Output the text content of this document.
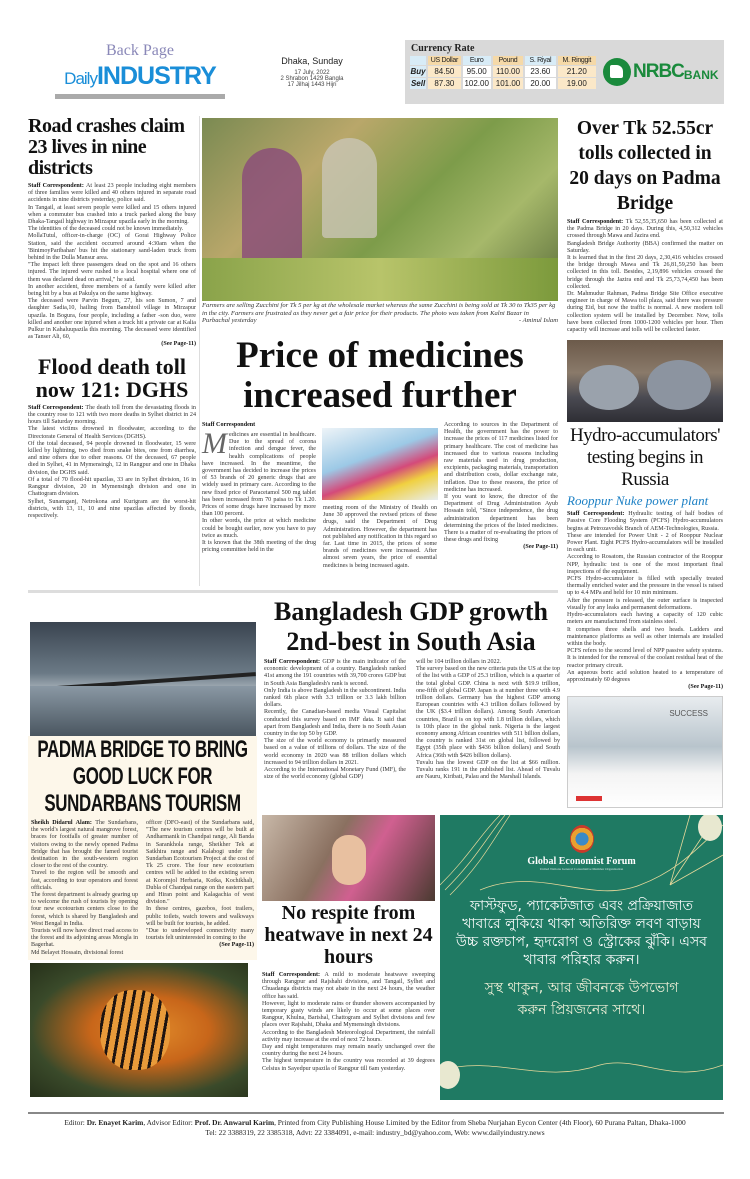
Back Page
DailyINDUSTRY
Dhaka, Sunday
17 July, 2022
2 Shrabon 1429 Bangla
17 Jilhaj 1443 Hijri
Currency Rate
	US Dollar	Euro	Pound	S. Riyal	M. Ringgit
Buy	84.50	95.00	110.00	23.60	21.20
Sell	87.30	102.00	101.00	20.00	19.00
NRBC BANK
Road crashes claim 23 lives in nine districts
Staff Correspondent: At least 23 people including eight members of three families were killed and 40 others injured in separate road accidents in nine districts yesterday, police said.

In Tangail, at least seven people were killed and 15 others injured when a commuter bus crashed into a truck parked along the busy Dhaka-Tangail highway in Mirzapur upazila early in the morning.

The identities of the deceased could not be known immediately.

MollaTutul, officer-in-charge (OC) of Gorai Highway Police Station, said the accident occurred around 4:30am when the 'BinimoyParibahan' bus hit the stationary sand-laden truck from behind in the Dulla Mansur area.

"The impact left three passengers dead on the spot and 16 others injured. The injured were rushed to a local hospital where one of them was declared dead on arrival," he said.

In another accident, three members of a family were killed after being hit by a bus at Pakulya on the same highway.

The deceased were Parvin Begum, 27, his son Sumon, 7 and daughter Sadia,10, hailing from Banshtoil village in Mirzapur upazila. In Bogura, four people, including a father -son duo, were killed and another one injured when a truck hit a private car at Kalia Pulkur in Kahaluupazila this morning. The deceased were identified as Tanser Ali, 60,

(See Page-11)
Flood death toll now 121: DGHS
Staff Correspondent: The death toll from the devastating floods in the country rose to 121 with two more deaths in Sylhet district in 24 hours till Saturday morning.

The latest victims drowned in floodwater, according to the Directorate General of Health Services (DGHS).

Of the total deceased, 94 people drowned in floodwater, 15 were killed by lightning, two died from snake bites, one from diarrhea, and nine others due to other reasons. Of the deceased, 67 people died in Sylhet, 41 in Mymensingh, 12 in Rangpur and one in Dhaka division, the DGHS said.

Of a total of 70 flood-hit upazilas, 33 are in Sylhet division, 16 in Rangpur division, 20 in Mymensingh division and one in Chattogram division.

Sylhet, Sunamganj, Netrokona and Kurigram are the worst-hit districts, with 13, 11, 10 and nine upazilas affected by floods, respectively.

Farmers are selling Zucchini for Tk 5 per kg at the wholesale market whereas the same Zucchini is being sold at Tk 30 to Tk35 per kg in the city. Farmers are frustrated as they never get a fair price for their products. The photo was taken from Kalni Bazar in Purbachal yesterday	- Aminul Islam
Price of medicines increased further
Staff Correspondent
M edicines are essential in healthcare. Due to the spread of corona infection and dengue fever, the health complications of people have increased. In the meantime, the government has decided to increase the prices of 53 brands of 20 generic drugs that are widely used in primary care. According to the new fixed price of Paracetamol 500 mg tablet has been increased from 70 paisa to Tk 1.20. Prices of some drugs have increased by more than 100 percent.

In other words, the price at which medicine could be bought earlier, now you have to pay twice as much.

It is known that the 38th meeting of the drug pricing committee held in the

meeting room of the Ministry of Health on June 30 approved the revised prices of these drugs, said the Department of Drug Administration. However, the department has not published any notification in this regard so far. Last time in 2015, the prices of some brands of medicines were increased. After almost seven years, the price of essential medicines is being increased again.

According to sources in the Department of Health, the government has the power to increase the prices of 117 medicines listed for primary healthcare. The cost of medicine has increased due to various reasons including raw materials used in drug production, excipients, packaging materials, transportation and distribution costs, dollar exchange rate, inflation. Due to these reasons, the price of medicine has increased.

If you want to know, the director of the Department of Drug Administration Ayub Hossain told, "Since independence, the drug administration department has been determining the prices of the listed medicines. There is a matter of re-evaluating the prices of these drugs and fixing

(See Page-11)
Over Tk 52.55cr tolls collected in 20 days on Padma Bridge
Staff Correspondent: Tk 52,55,35,650 has been collected at the Padma Bridge in 20 days. During this, 4,50,312 vehicles crossed through Mawa and Jazira end.

Bangladesh Bridge Authority (BBA) confirmed the matter on Saturday.

It is learned that in the first 20 days, 2,30,416 vehicles crossed the bridge through Mawa and Tk 26,81,59,250 has been collected in this toll. Besides, 2,19,896 vehicles crossed the bridge through the Jazira end and Tk 25,73,74,450 has been collected.

Dr. Mahmudur Rahman, Padma Bridge Site Office executive engineer in charge of Mawa toll plaza, said there was pressure during Eid, but now the traffic is normal. A new modern toll collection system will be installed by December. Now, tolls have been collected from 1000-1200 vehicles per hour. Then capacity will increase and tolls will be collected faster.

Hydro-accumulators' testing begins in Russia
Rooppur Nuke power plant
Staff Correspondent: Hydraulic testing of half bodies of Passive Core Flooding System (PCFS) Hydro-accumulators begins at Petrozavodsk Branch of AEM-Technologies, Russia.

These are intended for Power Unit - 2 of Rooppur Nuclear Power Plant. Eight PCFS Hydro-accumulators will be installed in each unit.

According to Rosatom, the Russian contractor of the Rooppur NPP, hydraulic test is one of the most important final inspections of the equipment.

PCFS Hydro-accumulator is filled with specially treated thermally enriched water and the pressure in the vessel is raised up to 4.4 MPa and held for 10 min minimum.

After the pressure is released, the outer surface is inspected visually for any leaks and permanent deformations.

Hydro-accumulators each having a capacity of 120 cubic meters are manufactured from stainless steel.

It comprises three shells and two heads. Ladders and maintenance platforms as well as other internals are installed within the body.

PCFS refers to the second level of NPP passive safety systems. It is intended for the removal of the coolant residual heat of the reactor primary circuit.

An aqueous boric acid solution heated to a temperature of approximately 60 degrees

(See Page-11)
SUCCESS
PADMA BRIDGE TO BRING GOOD LUCK FOR SUNDARBANS TOURISM
Sheikh Didarul Alam: The Sundarbans, the world's largest natural mangrove forest, braces for footfalls of greater number of visitors owing to the newly opened Padma Bridge that has brought the famed tourist destination in the south-western region closer to the rest of the country.

Travel to the region will be smooth and fast, according to tour operators and forest officials.

The forest department is already gearing up to welcome the rush of tourists by opening four new ecotourism centers close to the forest, which is shared by Bangladesh and West Bengal in India.

Tourists will now have direct road access to the forest and its adjoining areas Mongla in Bagerhat.

Md Belayet Hossain, divisional forest

officer (DFO-east) of the Sundarbans said, "The new tourism centres will be built at Andharmanik in Chandpai range, Ali Banda in Sarankhola range, Sheikher Tek at Satkhira range and Kalabogi under the Sundarban Ecotourism Project at the cost of Tk 25 crore. The four new ecotourism centres will be added to the existing seven at Koromjol Herbaria, Kotka, Kochikhali, Dubla of Chandpai range on the eastern part and Hiran point and Kalagachia of west division."

In these centres, gazebos, foot trailers, public toilets, watch towers and walkways will be built for tourists, he added.

"Due to undeveloped connectivity many tourists felt uninterested in coming to the

(See Page-11)
Bangladesh GDP growth 2nd-best in South Asia
Staff Correspondent: GDP is the main indicator of the economic development of a country. Bangladesh ranked 41st among the 191 countries with 39,700 crores GDP but in South Asia Bangladesh's rank is second.

Only India is above Bangladesh in the subcontinent. India ranked 6th place with 3.3 trillion or 3.3 lakh billion dollars.

Recently, the Canadian-based media Visual Capitalist conducted this survey based on IMF data. It said that apart from Bangladesh and India, there is no South Asian country in the top 50 by GDP.

The size of the world economy is primarily measured based on a value of trillions of dollars. The size of the world economy in 2020 was 88 trillion dollars which increased to 94 trillion dollars in 2021.

According to the International Monetary Fund (IMF), the size of the world economy (global GDP)

will be 104 trillion dollars in 2022.

The survey based on the new criteria puts the US at the top of the list with a GDP of 25.3 trillion, which is a quarter of the total global GDP. China is next with $19.9 trillion, one-fifth of global GDP. Japan is at number three with 4.9 trillion dollars. Germany has the highest GDP among European countries with 4.3 trillion dollars followed by the UK ($3.4 trillion dollars). Among South American countries, Brazil is on top with 1.8 trillion dollars, which is 10th place in the global rank. Nigeria is the largest economy among African countries with 511 billion dollars, the country is ranked 31st on global list, followed by Egypt (35th place with $436 billion dollars) and South Africa (36th with $426 billion dollars).

Tuvalu has the lowest GDP on the list at $66 million. Tuvalu ranks 191 in the published list. Ahead of Tuvalu are Nauru, Kiribati, Palau and the Marshall Islands.

No respite from heatwave in next 24 hours
Staff Correspondent: A mild to moderate heatwave sweeping through Rangpur and Rajshahi divisions, and Tangail, Sylhet and Chuadanga districts may not abate in the next 24 hours, the weather office has said.

However, light to moderate rains or thunder showers accompanied by temporary gusty winds are likely to occur at some places over Rangpur, Khulna, Barishal, Chattogram and Sylhet divisions and few places over Rajshahi, Dhaka and Mymensingh divisions.

According to the Bangladesh Meteorological Department, the rainfall activity may increase at the end of next 72 hours.

Day and night temperatures may remain nearly unchanged over the country during the next 24 hours.

The highest temperature in the country was recorded at 39 degrees Celsius in Sayedpur upazila of Rangpur till 6am yesterday.

Global Economist Forum
United Nations General Consultative Member Organization
ফাস্টফুড, প্যাকেটজাত এবং প্রক্রিয়াজাত খাবারে লুকিয়ে থাকা অতিরিক্ত লবণ বাড়ায় উচ্চ রক্তচাপ, হৃদরোগ ও স্ট্রোকের ঝুঁকি। এসব খাবার পরিহার করুন।
সুস্থ থাকুন, আর জীবনকে উপভোগ করুন প্রিয়জনের সাথে।
Editor: Dr. Enayet Karim, Advisor Editor: Prof. Dr. Anwarul Karim, Printed from City Publishing House Limited by the Editor from Sheba Nurjahan Eycon Center (4th Floor), 60 Purana Paltan, Dhaka-1000
Tel: 22 3388319, 22 3385318, Advt: 22 3384091, e-mail: industry_bd@yahoo.com, Web: www.dailyindustry.news
